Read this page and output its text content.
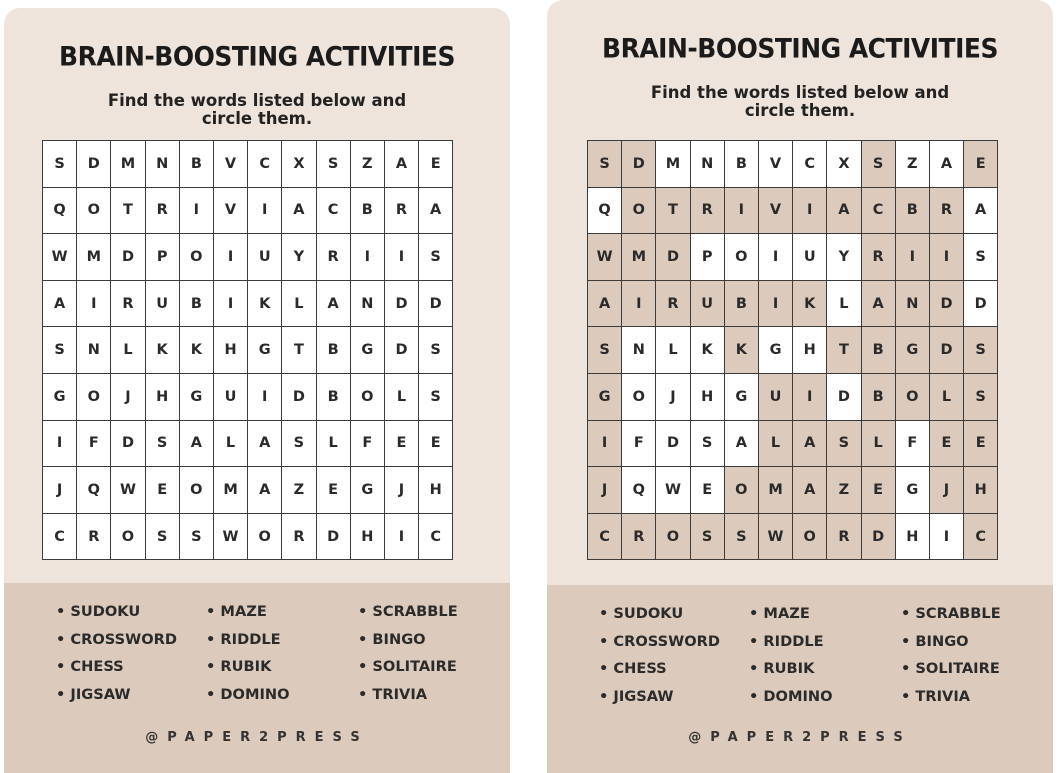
BRAIN-BOOSTING ACTIVITIES
Find the words listed below and circle them.
S	D	M	N	B	V	C	X	S	Z	A	E
Q	O	T	R	I	V	I	A	C	B	R	A
W	M	D	P	O	I	U	Y	R	I	I	S
A	I	R	U	B	I	K	L	A	N	D	D
S	N	L	K	K	H	G	T	B	G	D	S
G	O	J	H	G	U	I	D	B	O	L	S
I	F	D	S	A	L	A	S	L	F	E	E
J	Q	W	E	O	M	A	Z	E	G	J	H
C	R	O	S	S	W	O	R	D	H	I	C
• SUDOKU	• MAZE	• SCRABBLE
• CROSSWORD	• RIDDLE	• BINGO
• CHESS	• RUBIK	• SOLITAIRE
• JIGSAW	• DOMINO	• TRIVIA
@PAPER2PRESS
BRAIN-BOOSTING ACTIVITIES
Find the words listed below and circle them.
S	D	M	N	B	V	C	X	S	Z	A	E
Q	O	T	R	I	V	I	A	C	B	R	A
W	M	D	P	O	I	U	Y	R	I	I	S
A	I	R	U	B	I	K	L	A	N	D	D
S	N	L	K	K	G	H	T	B	G	D	S
G	O	J	H	G	U	I	D	B	O	L	S
I	F	D	S	A	L	A	S	L	F	E	E
J	Q	W	E	O	M	A	Z	E	G	J	H
C	R	O	S	S	W	O	R	D	H	I	C
• SUDOKU	• MAZE	• SCRABBLE
• CROSSWORD	• RIDDLE	• BINGO
• CHESS	• RUBIK	• SOLITAIRE
• JIGSAW	• DOMINO	• TRIVIA
@PAPER2PRESS
